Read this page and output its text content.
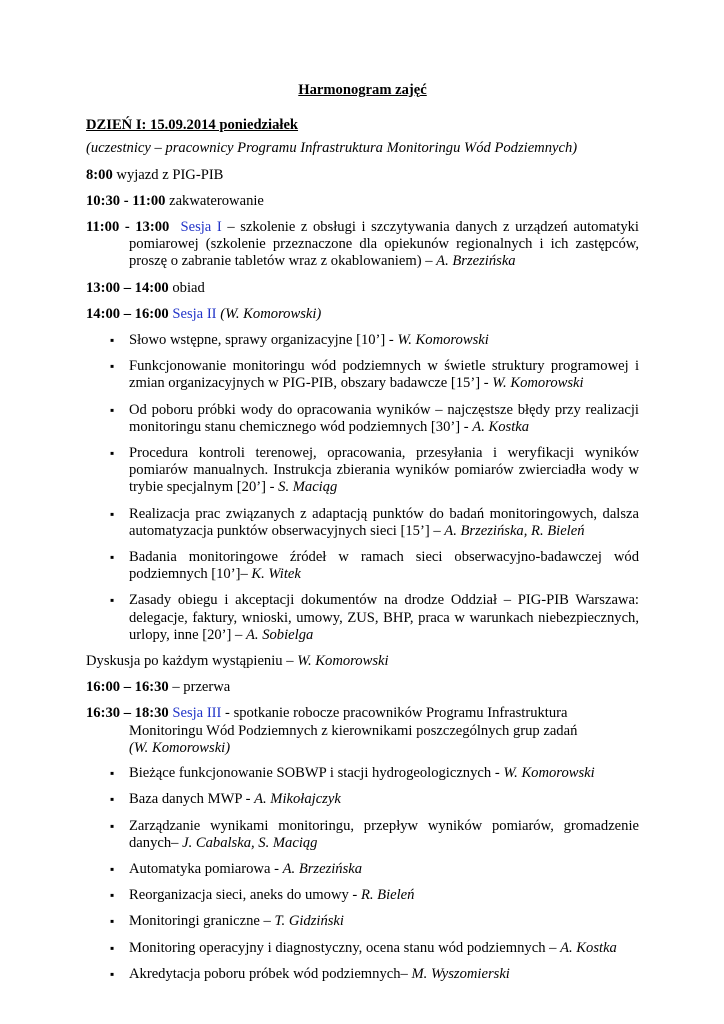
Harmonogram zajęć

DZIEŃ I: 15.09.2014 poniedziałek

(uczestnicy – pracownicy Programu Infrastruktura Monitoringu Wód Podziemnych)

8:00 wyjazd z PIG-PIB

10:30 - 11:00 zakwaterowanie

11:00 - 13:00 Sesja I – szkolenie z obsługi i szczytywania danych z urządzeń automatyki pomiarowej (szkolenie przeznaczone dla opiekunów regionalnych i ich zastępców, proszę o zabranie tabletów wraz z okablowaniem) – A. Brzezińska

13:00 – 14:00 obiad

14:00 – 16:00 Sesja II (W. Komorowski)

▪ Słowo wstępne, sprawy organizacyjne [10’] - W. Komorowski
▪ Funkcjonowanie monitoringu wód podziemnych w świetle struktury programowej i zmian organizacyjnych w PIG-PIB, obszary badawcze [15’] - W. Komorowski
▪ Od poboru próbki wody do opracowania wyników – najczęstsze błędy przy realizacji monitoringu stanu chemicznego wód podziemnych [30’] - A. Kostka
▪ Procedura kontroli terenowej, opracowania, przesyłania i weryfikacji wyników pomiarów manualnych. Instrukcja zbierania wyników pomiarów zwierciadła wody w trybie specjalnym [20’] - S. Maciąg
▪ Realizacja prac związanych z adaptacją punktów do badań monitoringowych, dalsza automatyzacja punktów obserwacyjnych sieci [15’] – A. Brzezińska, R. Bieleń
▪ Badania monitoringowe źródeł w ramach sieci obserwacyjno-badawczej wód podziemnych [10’]– K. Witek
▪ Zasady obiegu i akceptacji dokumentów na drodze Oddział – PIG-PIB Warszawa: delegacje, faktury, wnioski, umowy, ZUS, BHP, praca w warunkach niebezpiecznych, urlopy, inne [20’] – A. Sobielga

Dyskusja po każdym wystąpieniu – W. Komorowski

16:00 – 16:30 – przerwa

16:30 – 18:30 Sesja III - spotkanie robocze pracowników Programu Infrastruktura Monitoringu Wód Podziemnych z kierownikami poszczególnych grup zadań
(W. Komorowski)

▪ Bieżące funkcjonowanie SOBWP i stacji hydrogeologicznych - W. Komorowski
▪ Baza danych MWP - A. Mikołajczyk
▪ Zarządzanie wynikami monitoringu, przepływ wyników pomiarów, gromadzenie danych– J. Cabalska, S. Maciąg
▪ Automatyka pomiarowa - A. Brzezińska
▪ Reorganizacja sieci, aneks do umowy - R. Bieleń
▪ Monitoringi graniczne – T. Gidziński
▪ Monitoring operacyjny i diagnostyczny, ocena stanu wód podziemnych – A. Kostka
▪ Akredytacja poboru próbek wód podziemnych– M. Wyszomierski
